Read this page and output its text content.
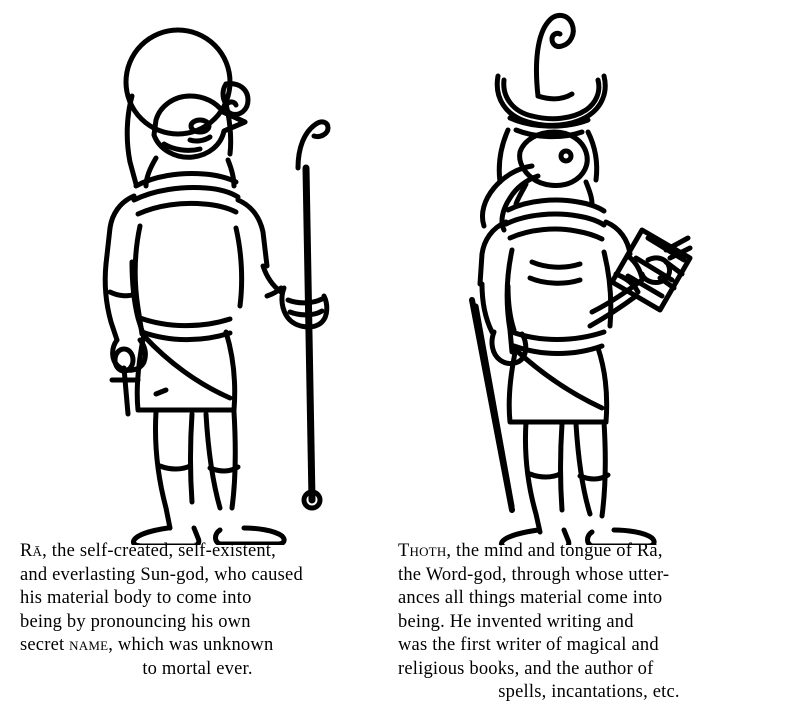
Rā, the self-created, self-existent,
and everlasting Sun-god, who caused
his material body to come into
being by pronouncing his own
secret name, which was unknown
to mortal ever.
Thoth, the mind and tongue of Rā,
the Word-god, through whose utter-
ances all things material come into
being. He invented writing and
was the first writer of magical and
religious books, and the author of
spells, incantations, etc.
